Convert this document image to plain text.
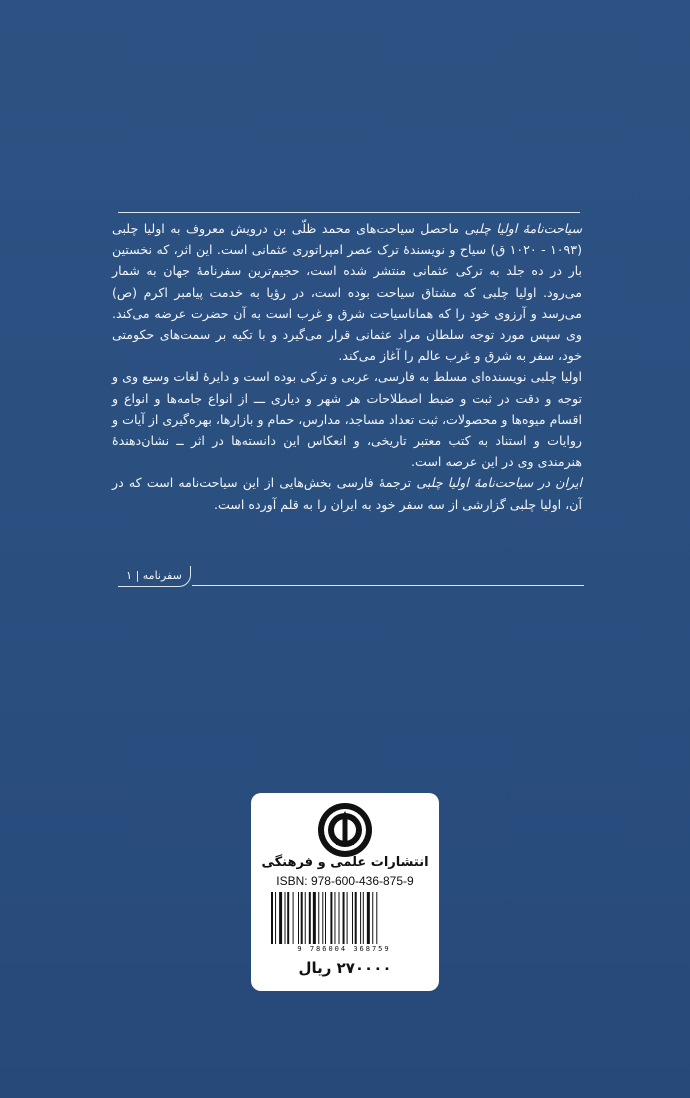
سیاحت‌نامۀ اولیا چلبی ماحصل سیاحت‌های محمد ظلّی بن درویش معروف به اولیا چلبی (۱۰۹۳ - ۱۰۲۰ ق) سیاح و نویسندۀ ترک عصر امپراتوری عثمانی است. این اثر، که نخستین بار در ده جلد به ترکی عثمانی منتشر شده است، حجیم‌ترین سفرنامۀ جهان به شمار می‌رود. اولیا چلبی که مشتاق سیاحت بوده است، در رؤیا به خدمت پیامبر اکرم (ص) می‌رسد و آرزوی خود را که هماناسیاحت شرق و غرب است به آن حضرت عرضه می‌کند. وی سپس مورد توجه سلطان مراد عثمانی قرار می‌گیرد و با تکیه بر سمت‌های حکومتی خود، سفر به شرق و غرب عالم را آغاز می‌کند.

اولیا چلبی نویسنده‌ای مسلط به فارسی، عربی و ترکی بوده است و دایرۀ لغات وسیع وی و توجه و دقت در ثبت و ضبط اصطلاحات هر شهر و دیاری ـــ از انواع جامه‌ها و انواع و اقسام میوه‌ها و محصولات، ثبت تعداد مساجد، مدارس، حمام و بازارها، بهره‌گیری از آیات و روایات و استناد به کتب معتبر تاریخی، و انعکاس این دانسته‌ها در اثر ــ نشان‌دهندۀ هنرمندی وی در این عرصه است.

ایران در سیاحت‌نامۀ اولیا چلبی ترجمۀ فارسی بخش‌هایی از این سیاحت‌نامه است که در آن، اولیا چلبی گزارشی از سه سفر خود به ایران را به قلم آورده است.

سفرنامه | ۱
انتشارات علمی و فرهنگی
ISBN: 978-600-436-875-9
9 786004 368759
۲۷۰۰۰۰ ریال
